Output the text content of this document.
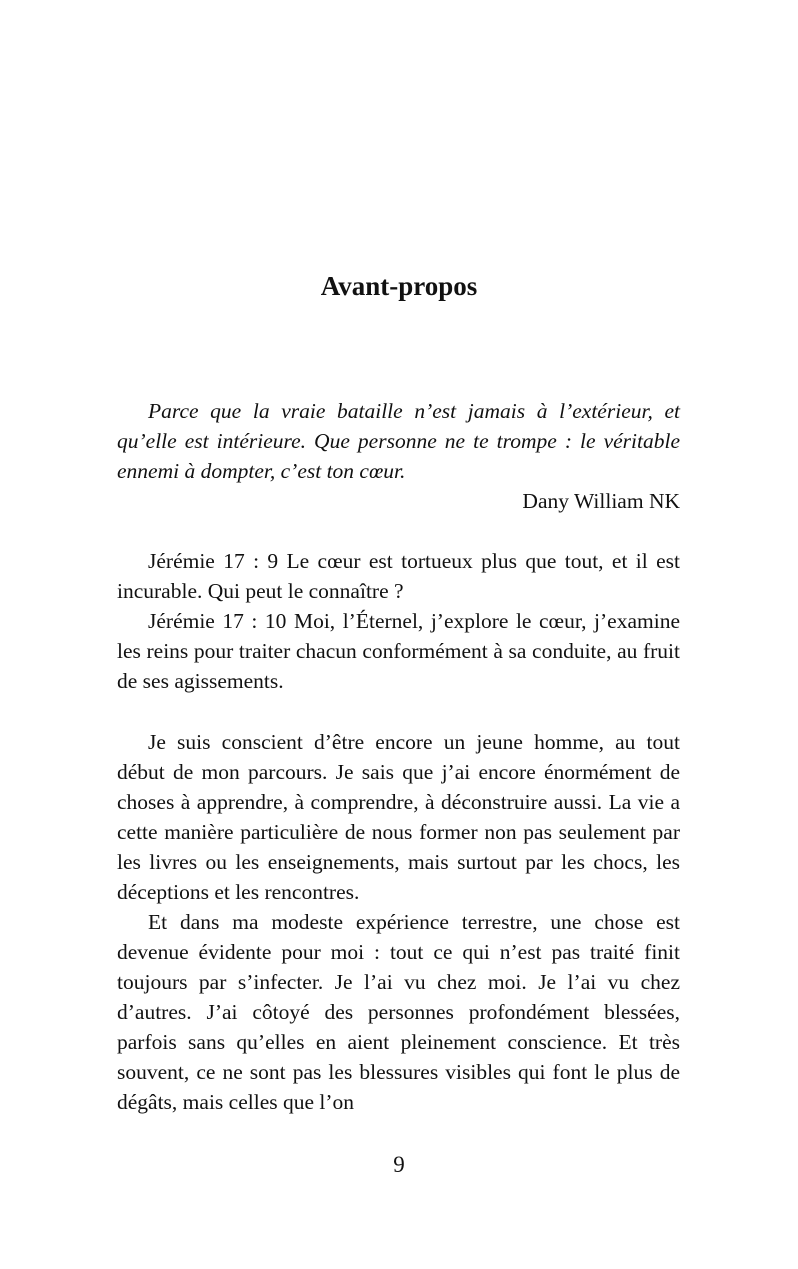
Avant-propos

Parce que la vraie bataille n’est jamais à l’extérieur, et qu’elle est intérieure. Que personne ne te trompe : le véritable ennemi à dompter, c’est ton cœur.

Dany William NK

Jérémie 17 : 9 Le cœur est tortueux plus que tout, et il est incurable. Qui peut le connaître ?

Jérémie 17 : 10 Moi, l’Éternel, j’explore le cœur, j’examine les reins pour traiter chacun conformément à sa conduite, au fruit de ses agissements.

Je suis conscient d’être encore un jeune homme, au tout début de mon parcours. Je sais que j’ai encore énormément de choses à apprendre, à comprendre, à déconstruire aussi. La vie a cette manière particulière de nous former non pas seulement par les livres ou les enseignements, mais surtout par les chocs, les déceptions et les rencontres.

Et dans ma modeste expérience terrestre, une chose est devenue évidente pour moi : tout ce qui n’est pas traité finit toujours par s’infecter. Je l’ai vu chez moi. Je l’ai vu chez d’autres. J’ai côtoyé des personnes profondément blessées, parfois sans qu’elles en aient pleinement conscience. Et très souvent, ce ne sont pas les blessures visibles qui font le plus de dégâts, mais celles que l’on

9
